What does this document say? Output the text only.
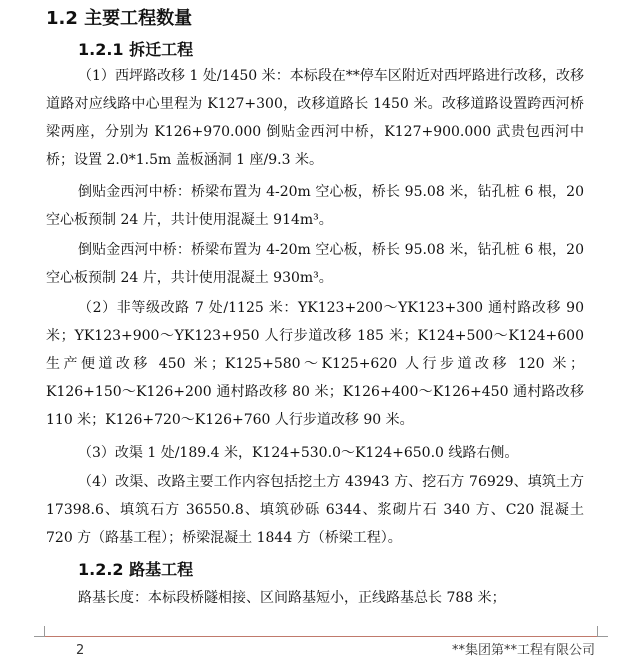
1.2 主要工程数量
1.2.1 拆迁工程

（1）西坪路改移 1 处/1450 米：本标段在**停车区附近对西坪路进行改移，改移道路对应线路中心里程为 K127+300，改移道路长 1450 米。改移道路设置跨西河桥梁两座，分别为 K126+970.000 倒贴金西河中桥，K127+900.000 武贵包西河中桥；设置 2.0*1.5m 盖板涵洞 1 座/9.3 米。

倒贴金西河中桥：桥梁布置为 4-20m 空心板，桥长 95.08 米，钻孔桩 6 根，20 空心板预制 24 片，共计使用混凝土 914m³。

倒贴金西河中桥：桥梁布置为 4-20m 空心板，桥长 95.08 米，钻孔桩 6 根，20 空心板预制 24 片，共计使用混凝土 930m³。

（2）非等级改路 7 处/1125 米：YK123+200～YK123+300 通村路改移 90 米；YK123+900～YK123+950 人行步道改移 185 米；K124+500～K124+600 生产便道改移 450 米；K125+580～K125+620 人行步道改移 120 米；K126+150～K126+200 通村路改移 80 米；K126+400～K126+450 通村路改移 110 米；K126+720～K126+760 人行步道改移 90 米。

（3）改渠 1 处/189.4 米，K124+530.0～K124+650.0 线路右侧。

（4）改渠、改路主要工作内容包括挖土方 43943 方、挖石方 76929、填筑土方 17398.6、填筑石方 36550.8、填筑砂砾 6344、浆砌片石 340 方、C20 混凝土 720 方（路基工程）；桥梁混凝土 1844 方（桥梁工程）。

1.2.2 路基工程

路基长度：本标段桥隧相接、区间路基短小，正线路基总长 788 米；

2	**集团第**工程有限公司
